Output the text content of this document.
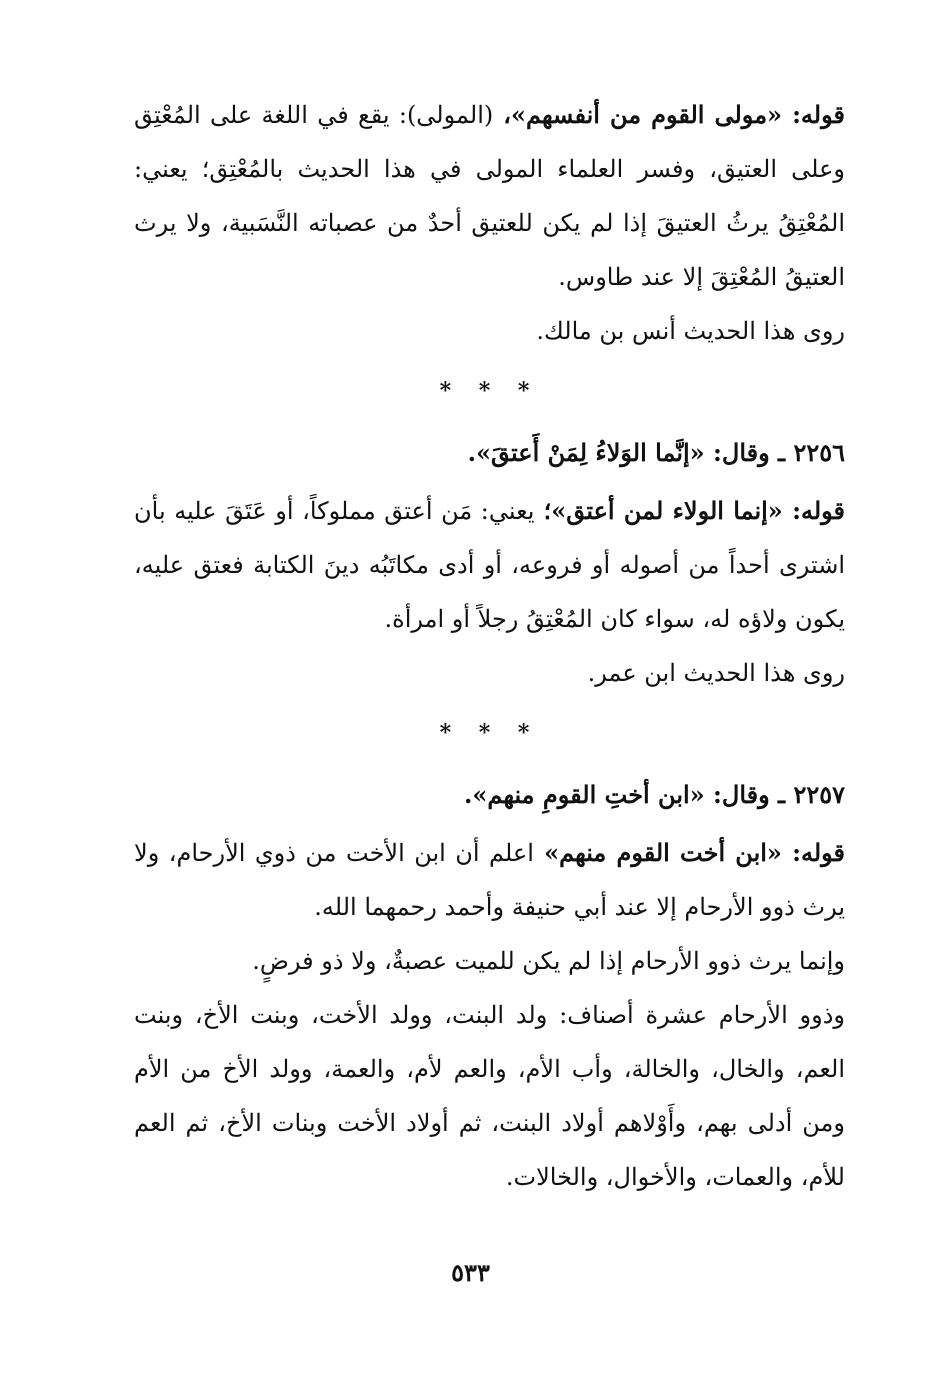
قوله: «مولى القوم من أنفسهم»، (المولى): يقع في اللغة على المُعْتِق وعلى العتيق، وفسر العلماء المولى في هذا الحديث بالمُعْتِق؛ يعني: المُعْتِقُ يرثُ العتيقَ إذا لم يكن للعتيق أحدٌ من عصباته النَّسَبية، ولا يرث العتيقُ المُعْتِقَ إلا عند طاوس.

روى هذا الحديث أنس بن مالك.

* * *

٢٢٥٦ ـ وقال: «إنَّما الوَلاءُ لِمَنْ أَعتقَ».

قوله: «إنما الولاء لمن أعتق»؛ يعني: مَن أعتق مملوكاً، أو عَتَقَ عليه بأن اشترى أحداً من أصوله أو فروعه، أو أدى مكاتَبُه دينَ الكتابة فعتق عليه، يكون ولاؤه له، سواء كان المُعْتِقُ رجلاً أو امرأة.

روى هذا الحديث ابن عمر.

* * *

٢٢٥٧ ـ وقال: «ابن أختِ القومِ منهم».

قوله: «ابن أخت القوم منهم» اعلم أن ابن الأخت من ذوي الأرحام، ولا يرث ذوو الأرحام إلا عند أبي حنيفة وأحمد رحمهما الله.

وإنما يرث ذوو الأرحام إذا لم يكن للميت عصبةٌ، ولا ذو فرضٍ.

وذوو الأرحام عشرة أصناف: ولد البنت، وولد الأخت، وبنت الأخ، وبنت العم، والخال، والخالة، وأب الأم، والعم لأم، والعمة، وولد الأخ من الأم ومن أدلى بهم، وأَوْلاهم أولاد البنت، ثم أولاد الأخت وبنات الأخ، ثم العم للأم، والعمات، والأخوال، والخالات.

٥٣٣
